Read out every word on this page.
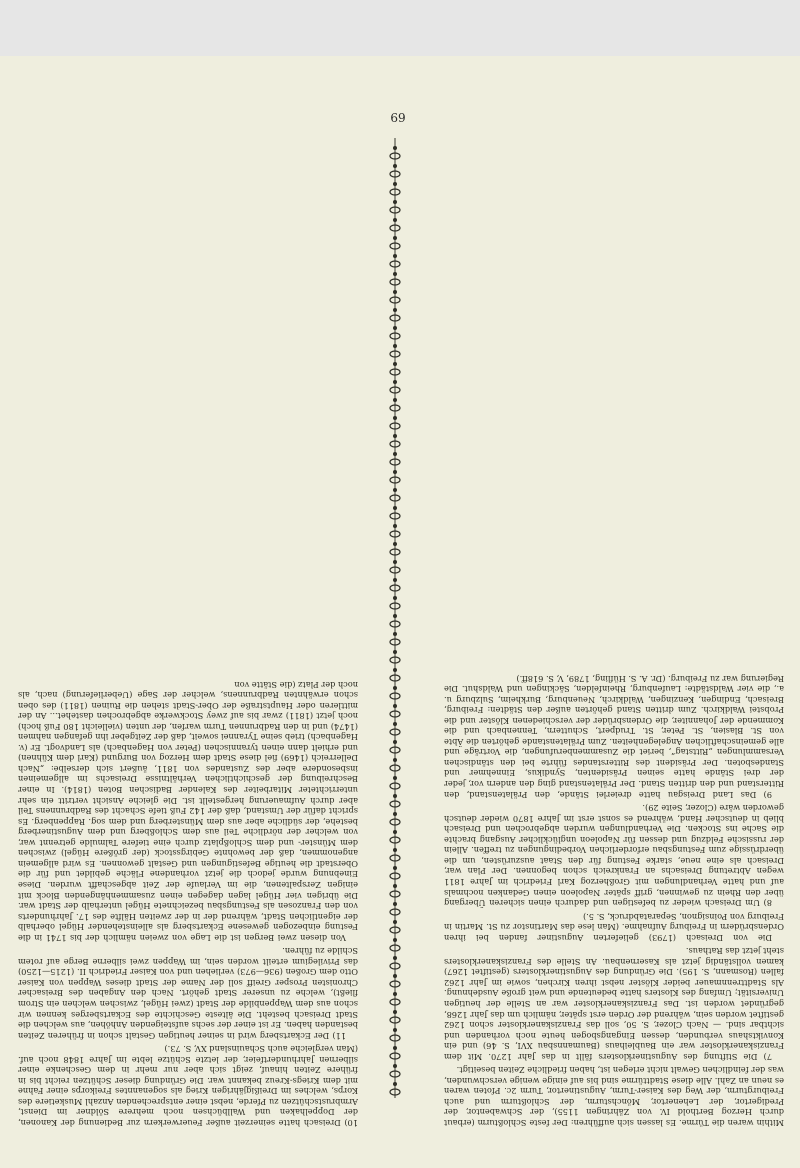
69

Mithin waren die Türme. Es lassen sich aufführen: Der feste Schloßturm (erbaut durch Herzog Berthold IV. von Zähringen 1155), der Schwabentor, der Predigertor, der Lehenertor, Mönchsturm, der Schloßturm und auch Freiburgturm, der Weg des Kaiser-Turm, Augustinertor, Turm 2c. Pfoten waren es neun an Zahl. Alle diese Stadttürme sind bis auf einige wenige verschwunden, was der feindlichen Gewalt nicht erlegen ist, haben friedliche Zeiten beseitigt.

7) Die Stiftung des Augustinerklosters fällt in das Jahr 1270. Mit dem Franziskanerkloster war ein Baubleihaus (Baumannsbau XVI, S. 46) und ein Konviktshaus verbunden, dessen Eingangsbogen heute noch vorhanden und sichtbar sind. — Nach Clozer, S. 50, soll das Franziskanerkloster schon 1262 gestiftet worden sein, während der Orden erst später, nämlich um das Jahr 1268, gegründet worden ist. Das Franziskanerkloster war an Stelle der heutigen Universität; Umfang des Klosters hatte bedeutende und weit große Ausdehnung. Als Stadttrennmauer beider Klöster nebst ihren Kirchen, sowie im Jahr 1262 fallen (Rosmann, S. 195). Die Gründung des Augustinerklosters (gestiftet 1267) kamen vollständig jetzt als Kasernenbau. An Stelle des Franziskanerklosters steht jetzt das Rathaus.

Die von Dreisach (1793) gelieferten Augustiner fanden bei ihren Ordensbrüdern in Freiburg Aufnahme. (Man lese das Martinstor zu St. Martin in Freiburg von Poinsignon, Separatabdruck, S. 5.)

8) Um Dreisach wieder zu befestigen und dadurch einen sicheren Übergang über den Rhein zu gewinnen, griff später Napoleon einen Gedanken nochmals auf und hatte Verhandlungen mit Großherzog Karl Friedrich im Jahre 1811 wegen Abtretung Dreisachs an Frankreich schon begonnen. Der Plan war, Dreisach als eine neue, starke Festung für den Staat auszurüsten, um die überdrüssige zum Festungsbau erforderlichen Vorbedingungen zu treffen. Allein der russische Feldzug und dessen für Napoleon unglücklicher Ausgang brachte die Sache ins Stocken. Die Verhandlungen wurden abgebrochen und Dreisach blieb in deutscher Hand, während es sonst erst im Jahre 1870 wieder deutsch geworden wäre (Clozer, Seite 29).

9) Das Land Dreisgau hatte dreierlei Stände, den Prälatenstand, den Ritterstand und den dritten Stand. Der Prälatenstand ging den andern vor, jeder der drei Stände hatte seinen Präsidenten, Syndikus, Einnehmer und Standesboten. Der Präsident des Ritterstandes führte bei den ständischen Versammlungen „Rittstag“, beriet die Zusammenberufungen, die Vorträge und alle gemeinschaftlichen Angelegenheiten. Zum Prälatenstande gehörten die Äbte von St. Blasien, St. Peter, St. Trudpert, Schuttern, Tennenbach und die Kommende der Johanniter, die Ordensbrüder der verschiedenen Klöster und die Probstei Waldkirch. Zum dritten Stand gehörten außer den Städten: Freiburg, Breisach, Endingen, Kenzingen, Waldkirch, Neuenburg, Burkheim, Sulzburg u. a., die vier Waldstädte: Laufenburg, Rheinfelden, Säckingen und Waldshut. Die Regierung war zu Freiburg. (Dr. A. S. Hüfling, 1789, V, S. 618ff.)

10) Dreisach hatte seinerzeit außer Feuerwerkern zur Bedienung der Kanonen, der Doppelhaken und Wallbüchsen noch mehrere Söldner im Dienst, Armbrustschützen zu Pferde, nebst einer entsprechenden Anzahl Musketiere des Korps, welches im Dreißigjährigen Krieg als sogenanntes Freikorps einer Fahne mit dem Kriegs-Kreuz bekannt war. Die Gründung dieser Schützen reicht bis in frühere Zeiten hinauf, zeigt sich aber nur mehr in dem Geschenke einer silbernen Jahrhundertfeier, der letzte Schütze lebte im Jahre 1848 noch auf. (Man vergleiche auch Schauinsland XV, S. 73.)

11) Der Eckartsberg wird in seiner heutigen Gestalt schon in früheren Zeiten bestanden haben. Er ist einer der sechs aufsteigenden Anhöhen, aus welchen die Stadt Dreisach besteht. Die älteste Geschichte des Eckartsberges kennen wir schon aus dem Wappenbilde der Stadt (zwei Hügel, zwischen welchen ein Strom fließt), welche zu unserer Stadt gehört. Nach den Angaben des Breisacher Chronisten Prosper Greiff soll der Name der Stadt dieses Wappen von Kaiser Otto dem Großen (936—973) verliehen und von Kaiser Friedrich II. (1215—1250) das Privilegium erteilt worden sein, im Wappen zwei silberne Berge auf rotem Schilde zu führen.

Von diesen zwei Bergen ist die Lage von zweien nämlich der bis 1741 in die Festung einbezogen gewesene Eckartsberg als alleinstehender Hügel oberhalb der eigentlichen Stadt, während der in der zweiten Hälfte des 17. Jahrhunderts von den Franzosen als Festungsbau bezeichnete Hügel unterhalb der Stadt war. Die übrigen vier Hügel lagen dagegen einen zusammenhängenden Block mit einigen Zerspaltenen, die im Verlaufe der Zeit abgeschafft wurden. Diese Einebnung wurde jedoch die jetzt vorhandene Fläche gebildet und für die Oberstadt die heutige Befestigungen und Gestalt gewonnen. Es wird allgemein angenommen, daß der bewohnte Gebirgsstock (der größere Hügel) zwischen dem Münster- und dem Schloßplatz durch eine tiefere Talmulde getrennt war, von welcher der nördliche Teil aus dem Schloßberg und dem Augustinerberg bestehe, der südliche aber aus dem Münsterberg und dem sog. Rappenberg. Es spricht dafür der Umstand, daß der 142 Fuß tiefe Schacht des Radbrunnens Teil aber durch Aufmauerung hergestellt ist. Die gleiche Ansicht vertritt ein sehr unterrichteter Mitarbeiter des Kalender Badischen Boten (1814). In einer Beschreibung der geschichtlichen Verhältnisse Dreisachs im allgemeinen insbesondere aber des Zustandes von 1811, äußert sich derselbe: „Nach Dellerreich (1469) fiel diese Stadt dem Herzog von Burgund (Karl dem Kühnen) und erhielt dann einen tyrannischen (Peter von Hagenbach) als Landvogt. Er (v. Hagenbach) trieb seine Tyrannei soweit, daß der Zeitgeber ihn gefangen nahmen (1474) und in den Radbrunnen Turm warfen, der unten (vielleicht 180 Fuß hoch) noch jetzt (1811) zwar bis auf zwey Stockwerke abgebrochen dastehet... An der mittleren oder Hauptstraße der Ober-Stadt stehen die Ruinen (1811) des oben schon erwähnten Radbrunnens, welcher der Sage (Ueberlieferung) nach, als noch der Platz (die Stätte von
